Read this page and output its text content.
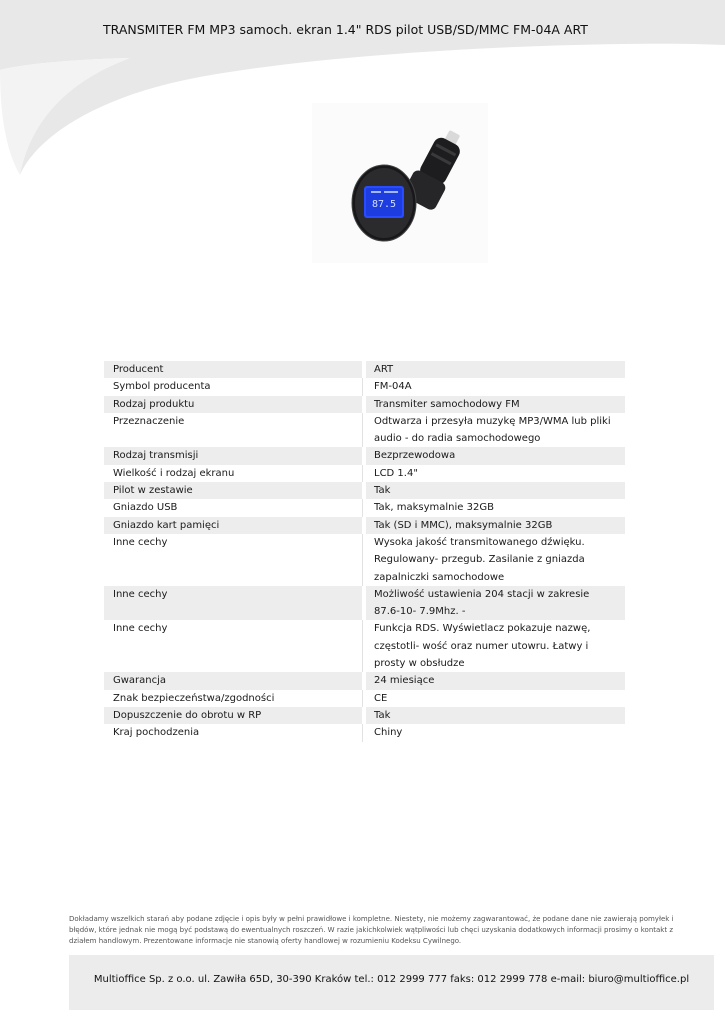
TRANSMITER FM MP3 samoch. ekran 1.4" RDS pilot USB/SD/MMC FM-04A ART
87.5
Producent		ART
Symbol producenta		FM-04A
Rodzaj produktu		Transmiter samochodowy FM
Przeznaczenie		Odtwarza i przesyła muzykę MP3/WMA lub pliki audio - do radia samochodowego
Rodzaj transmisji		Bezprzewodowa
Wielkość i rodzaj ekranu		LCD 1.4"
Pilot w zestawie		Tak
Gniazdo USB		Tak, maksymalnie 32GB
Gniazdo kart pamięci		Tak (SD i MMC), maksymalnie 32GB
Inne cechy		Wysoka jakość transmitowanego dźwięku. Regulowany- przegub. Zasilanie z gniazda zapalniczki samochodowe
Inne cechy		Możliwość ustawienia 204 stacji w zakresie 87.6-10- 7.9Mhz. -
Inne cechy		Funkcja RDS. Wyświetlacz pokazuje nazwę, częstotli- wość oraz numer utowru. Łatwy i prosty w obsłudze
Gwarancja		24 miesiące
Znak bezpieczeństwa/zgodności		CE
Dopuszczenie do obrotu w RP		Tak
Kraj pochodzenia		Chiny
Dokładamy wszelkich starań aby podane zdjęcie i opis były w pełni prawidłowe i kompletne. Niestety, nie możemy zagwarantować, że podane dane nie zawierają pomyłek i błędów, które jednak nie mogą być podstawą do ewentualnych roszczeń. W razie jakichkolwiek wątpliwości lub chęci uzyskania dodatkowych informacji prosimy o kontakt z działem handlowym. Prezentowane informacje nie stanowią oferty handlowej w rozumieniu Kodeksu Cywilnego.
Multioffice Sp. z o.o. ul. Zawiła 65D, 30-390 Kraków tel.: 012 2999 777 faks: 012 2999 778 e-mail: biuro@multioffice.pl
